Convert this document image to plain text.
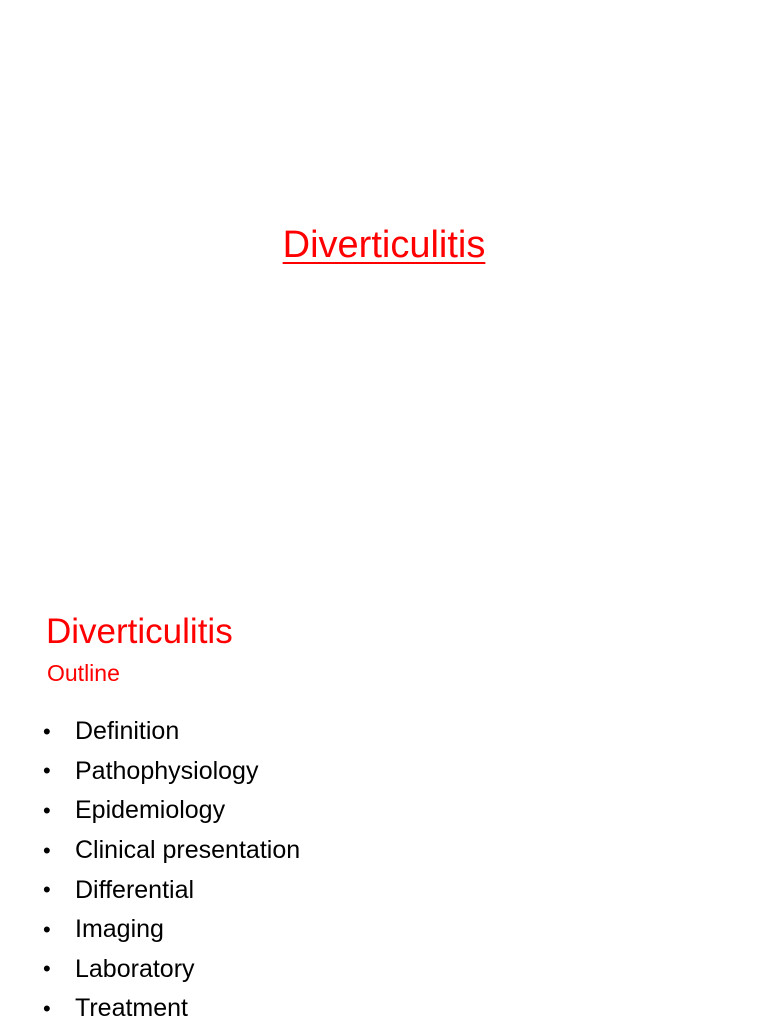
Diverticulitis
Diverticulitis
Outline
• Definition
• Pathophysiology
• Epidemiology
• Clinical presentation
• Differential
• Imaging
• Laboratory
• Treatment
